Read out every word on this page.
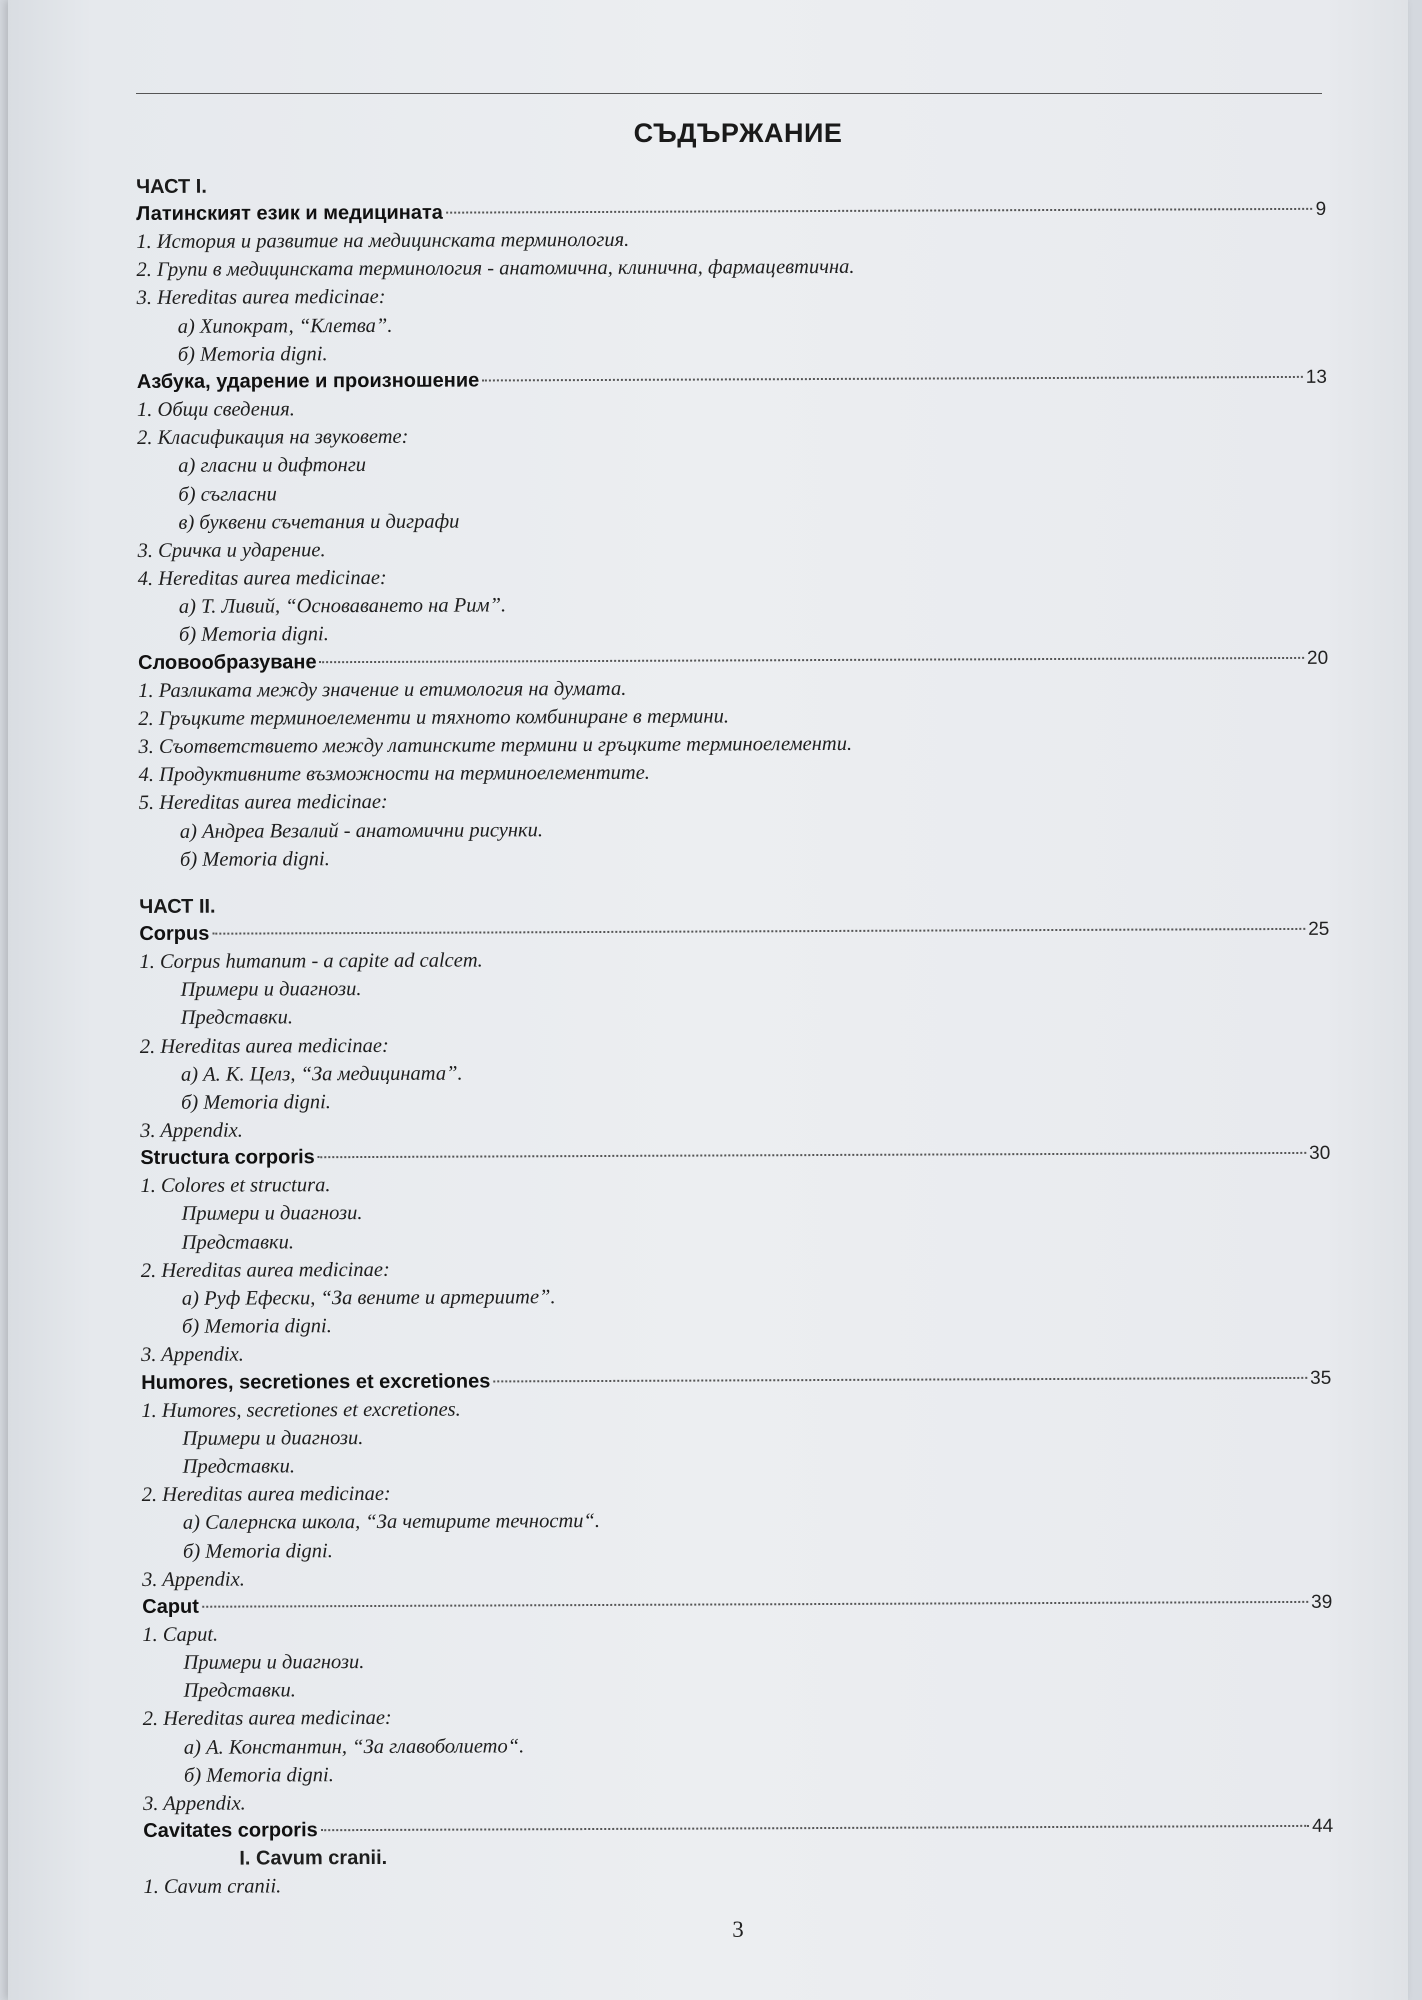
СЪДЪРЖАНИЕ
ЧАСТ I.
Латинският език и медицината	9
1. История и развитие на медицинската терминология.
2. Групи в медицинската терминология - анатомична, клинична, фармацевтична.
3. Hereditas aurea medicinae:
а) Хипократ, “Клетва”.
б) Memoria digni.
Азбука, ударение и произношение	13
1. Общи сведения.
2. Класификация на звуковете:
а) гласни и дифтонги
б) съгласни
в) буквени съчетания и диграфи
3. Сричка и ударение.
4. Hereditas aurea medicinae:
а) Т. Ливий, “Основаването на Рим”.
б) Memoria digni.
Словообразуване	20
1. Разликата между значение и етимология на думата.
2. Гръцките терминоелементи и тяхното комбиниране в термини.
3. Съответствието между латинските термини и гръцките терминоелементи.
4. Продуктивните възможности на терминоелементите.
5. Hereditas aurea medicinae:
а) Андреа Везалий - анатомични рисунки.
б) Memoria digni.
ЧАСТ II.
Corpus	25
1. Corpus humanum - a capite ad calcem.
Примери и диагнози.
Представки.
2. Hereditas aurea medicinae:
а) А. К. Целз, “За медицината”.
б) Memoria digni.
3. Appendix.
Structura corporis	30
1. Colores et structura.
Примери и диагнози.
Представки.
2. Hereditas aurea medicinae:
а) Руф Ефески, “За вените и артериите”.
б) Memoria digni.
3. Appendix.
Humores, secretiones et excretiones	35
1. Humores, secretiones et excretiones.
Примери и диагнози.
Представки.
2. Hereditas aurea medicinae:
а) Салернска школа, “За четирите течности“.
б) Memoria digni.
3. Appendix.
Caput	39
1. Caput.
Примери и диагнози.
Представки.
2. Hereditas aurea medicinae:
а) А. Константин, “За главоболието“.
б) Memoria digni.
3. Appendix.
Cavitates corporis	44
I. Cavum cranii.
1. Cavum cranii.
3
